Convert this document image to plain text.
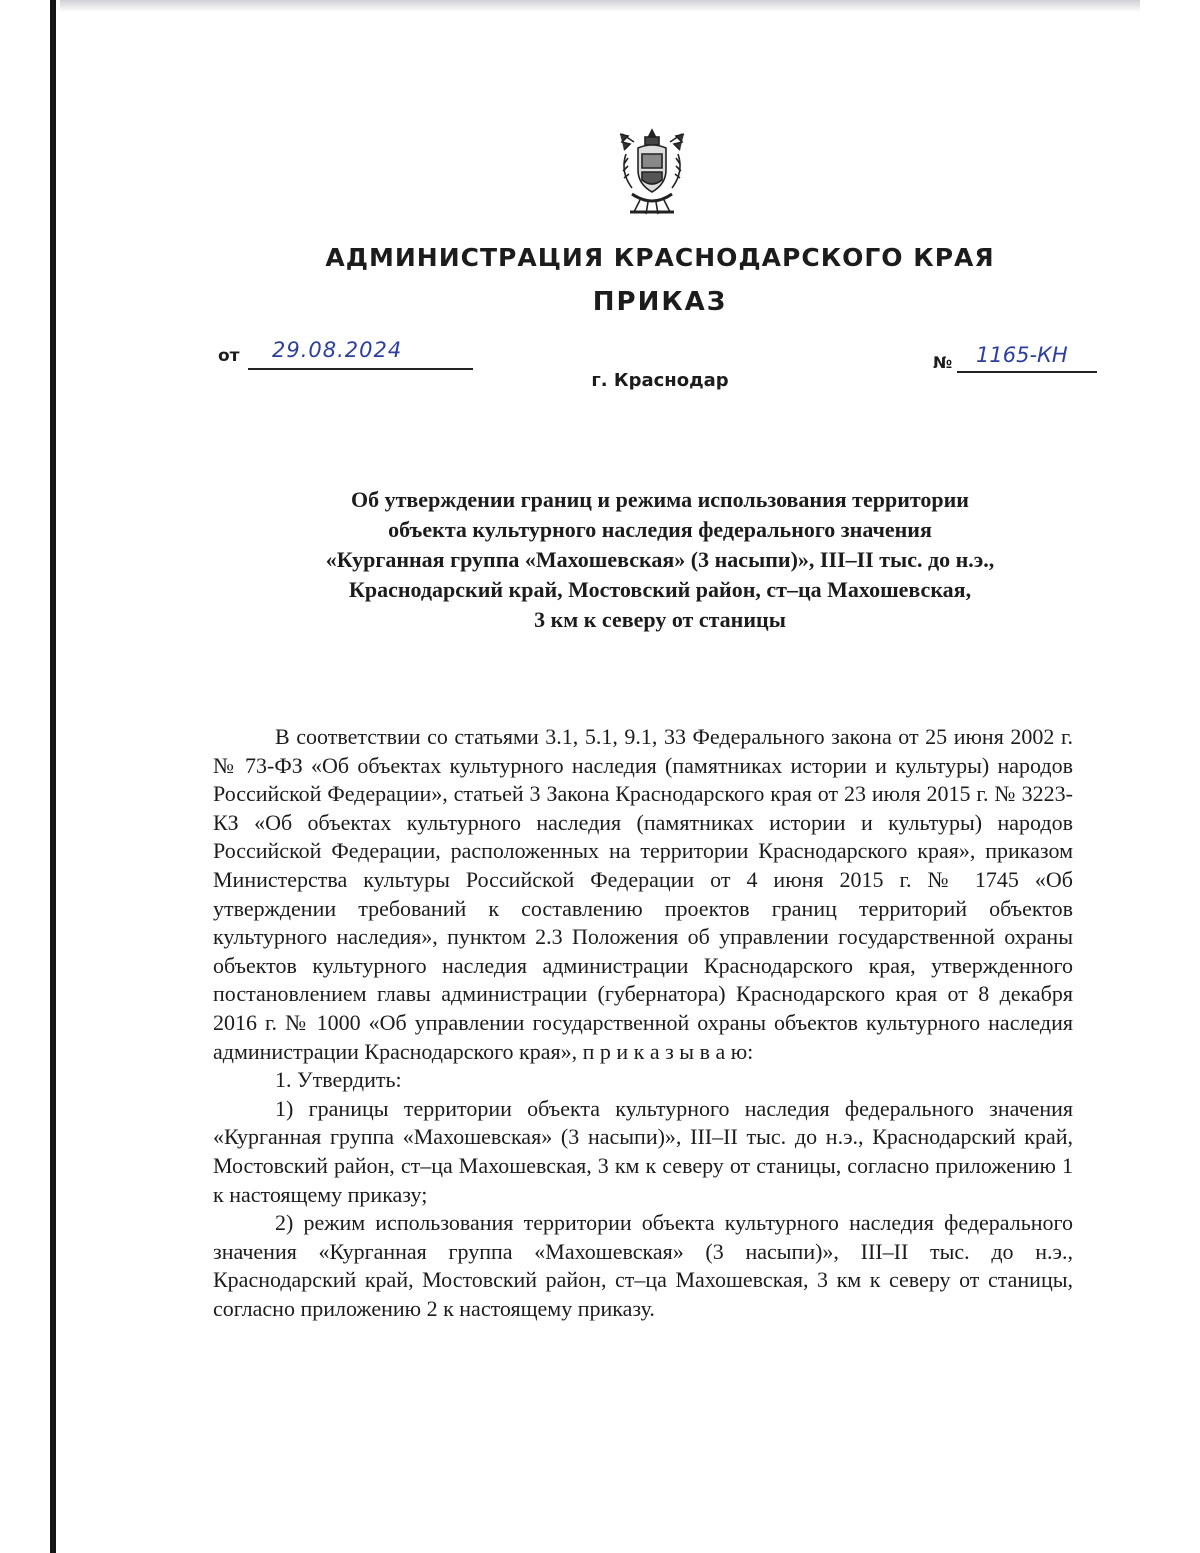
АДМИНИСТРАЦИЯ КРАСНОДАРСКОГО КРАЯ
ПРИКАЗ
от 29.08.2024
г. Краснодар
№ 1165-КН
Об утверждении границ и режима использования территории
объекта культурного наследия федерального значения
«Курганная группа «Махошевская» (3 насыпи)», III–II тыс. до н.э.,
Краснодарский край, Мостовский район, ст–ца Махошевская,
3 км к северу от станицы

В соответствии со статьями 3.1, 5.1, 9.1, 33 Федерального закона от 25 июня 2002 г. № 73-ФЗ «Об объектах культурного наследия (памятниках истории и культуры) народов Российской Федерации», статьей 3 Закона Краснодарского края от 23 июля 2015 г. № 3223-КЗ «Об объектах культурного наследия (памятниках истории и культуры) народов Российской Федерации, расположенных на территории Краснодарского края», приказом Министерства культуры Российской Федерации от 4 июня 2015 г. № 1745 «Об утверждении требований к составлению проектов границ территорий объектов культурного наследия», пунктом 2.3 Положения об управлении государственной охраны объектов культурного наследия администрации Краснодарского края, утвержденного постановлением главы администрации (губернатора) Краснодарского края от 8 декабря 2016 г. № 1000 «Об управлении государственной охраны объектов культурного наследия администрации Краснодарского края», п р и к а з ы в а ю:

1. Утвердить:

1) границы территории объекта культурного наследия федерального значения «Курганная группа «Махошевская» (3 насыпи)», III–II тыс. до н.э., Краснодарский край, Мостовский район, ст–ца Махошевская, 3 км к северу от станицы, согласно приложению 1 к настоящему приказу;

2) режим использования территории объекта культурного наследия федерального значения «Курганная группа «Махошевская» (3 насыпи)», III–II тыс. до н.э., Краснодарский край, Мостовский район, ст–ца Махошевская, 3 км к северу от станицы, согласно приложению 2 к настоящему приказу.
